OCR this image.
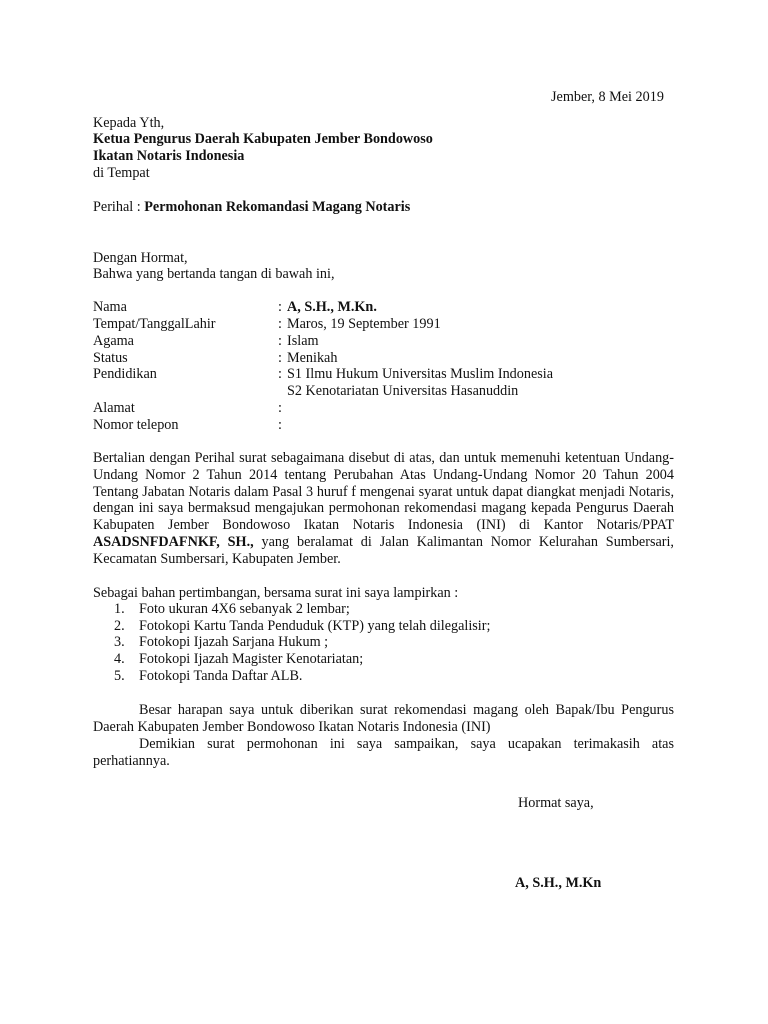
Jember, 8 Mei 2019
Kepada Yth,
Ketua Pengurus Daerah Kabupaten Jember Bondowoso
Ikatan Notaris Indonesia
di Tempat
Perihal : Permohonan Rekomandasi Magang Notaris
Dengan Hormat,
Bahwa yang bertanda tangan di bawah ini,
Nama	: A, S.H., M.Kn.
Tempat/TanggalLahir	: Maros, 19 September 1991
Agama	: Islam
Status	: Menikah
Pendidikan	: S1 Ilmu Hukum Universitas Muslim Indonesia
S2 Kenotariatan Universitas Hasanuddin
Alamat	:
Nomor telepon	:
Bertalian dengan Perihal surat sebagaimana disebut di atas, dan untuk memenuhi ketentuan Undang-Undang Nomor 2 Tahun 2014 tentang Perubahan Atas Undang-Undang Nomor 20 Tahun 2004 Tentang Jabatan Notaris dalam Pasal 3 huruf f mengenai syarat untuk dapat diangkat menjadi Notaris, dengan ini saya bermaksud mengajukan permohonan rekomendasi magang kepada Pengurus Daerah Kabupaten Jember Bondowoso Ikatan Notaris Indonesia (INI) di Kantor Notaris/PPAT ASADSNFDAFNKF, SH., yang beralamat di Jalan Kalimantan Nomor Kelurahan Sumbersari, Kecamatan Sumbersari, Kabupaten Jember.
Sebagai bahan pertimbangan, bersama surat ini saya lampirkan :
1. Foto ukuran 4X6 sebanyak 2 lembar;
2. Fotokopi Kartu Tanda Penduduk (KTP) yang telah dilegalisir;
3. Fotokopi Ijazah Sarjana Hukum ;
4. Fotokopi Ijazah Magister Kenotariatan;
5. Fotokopi Tanda Daftar ALB.
Besar harapan saya untuk diberikan surat rekomendasi magang oleh Bapak/Ibu Pengurus Daerah Kabupaten Jember Bondowoso Ikatan Notaris Indonesia (INI)
Demikian surat permohonan ini saya sampaikan, saya ucapakan terimakasih atas perhatiannya.
Hormat saya,
A, S.H., M.Kn
